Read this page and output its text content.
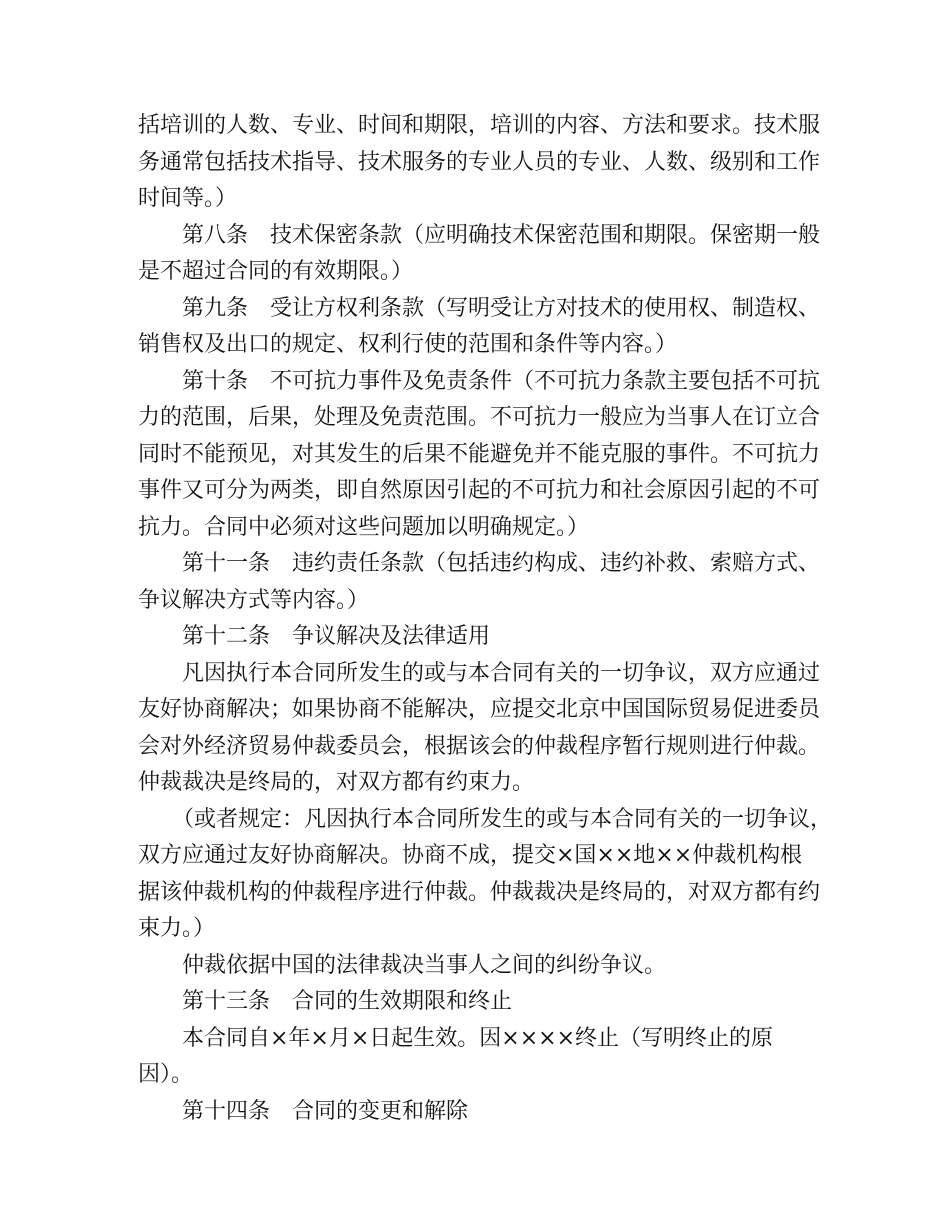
括培训的人数、专业、时间和期限，培训的内容、方法和要求。技术服
务通常包括技术指导、技术服务的专业人员的专业、人数、级别和工作
时间等。）
第八条　技术保密条款（应明确技术保密范围和期限。保密期一般
是不超过合同的有效期限。）
第九条　受让方权利条款（写明受让方对技术的使用权、制造权、
销售权及出口的规定、权利行使的范围和条件等内容。）
第十条　不可抗力事件及免责条件（不可抗力条款主要包括不可抗
力的范围，后果，处理及免责范围。不可抗力一般应为当事人在订立合
同时不能预见，对其发生的后果不能避免并不能克服的事件。不可抗力
事件又可分为两类，即自然原因引起的不可抗力和社会原因引起的不可
抗力。合同中必须对这些问题加以明确规定。）
第十一条　违约责任条款（包括违约构成、违约补救、索赔方式、
争议解决方式等内容。）
第十二条　争议解决及法律适用
凡因执行本合同所发生的或与本合同有关的一切争议，双方应通过
友好协商解决；如果协商不能解决，应提交北京中国国际贸易促进委员
会对外经济贸易仲裁委员会，根据该会的仲裁程序暂行规则进行仲裁。
仲裁裁决是终局的，对双方都有约束力。
（或者规定：凡因执行本合同所发生的或与本合同有关的一切争议，
双方应通过友好协商解决。协商不成，提交×国××地××仲裁机构根
据该仲裁机构的仲裁程序进行仲裁。仲裁裁决是终局的，对双方都有约
束力。）
仲裁依据中国的法律裁决当事人之间的纠纷争议。
第十三条　合同的生效期限和终止
本合同自×年×月×日起生效。因××××终止（写明终止的原
因）。
第十四条　合同的变更和解除
